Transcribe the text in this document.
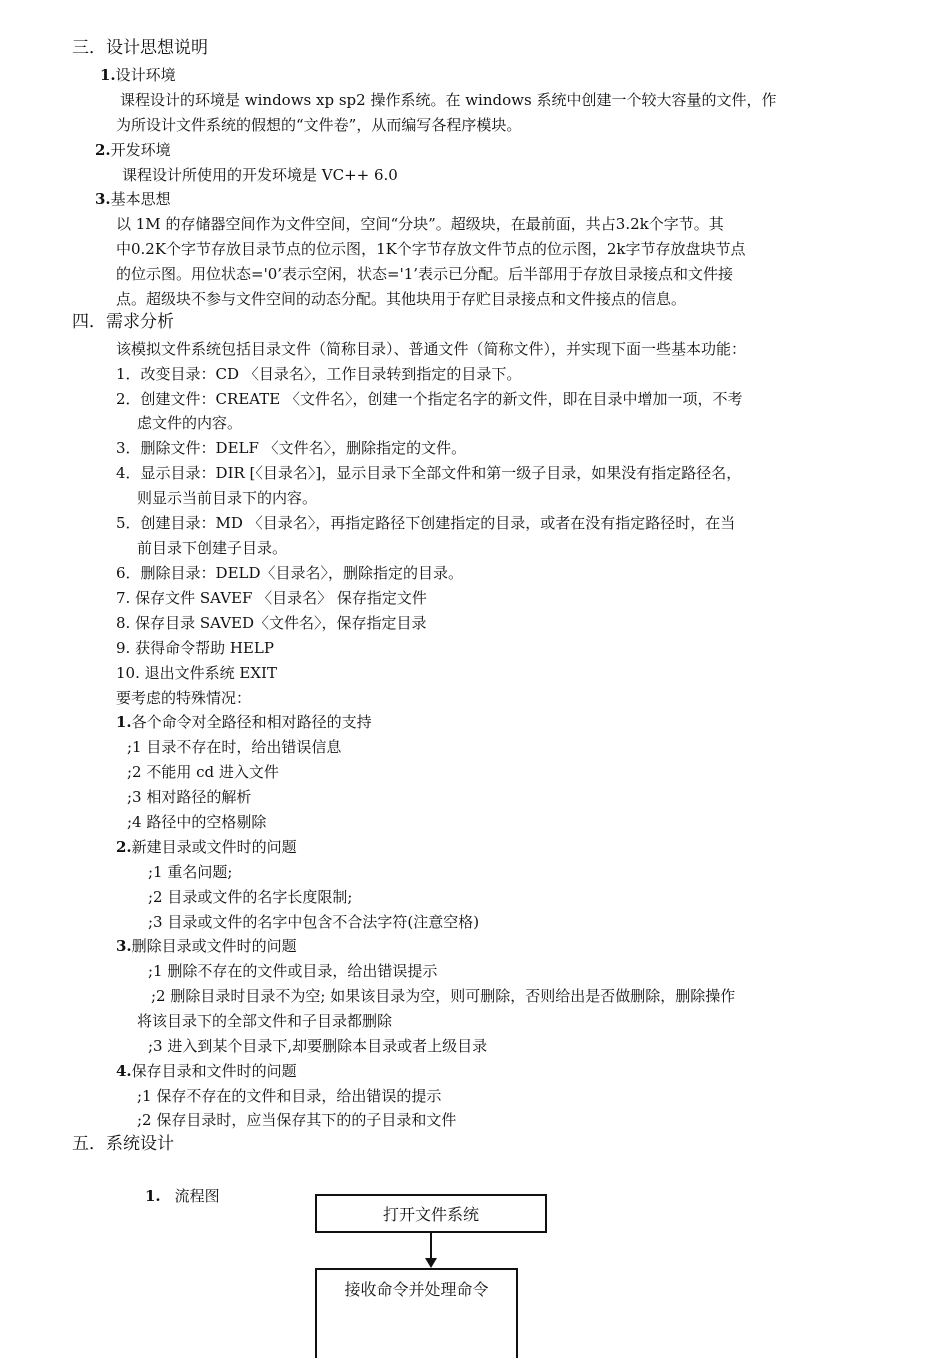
三．设计思想说明
1.设计环境
课程设计的环境是 windows xp sp2 操作系统。在 windows 系统中创建一个较大容量的文件，作
为所设计文件系统的假想的“文件卷”，从而编写各程序模块。
2.开发环境
课程设计所使用的开发环境是 VC++ 6.0
3.基本思想
以 1M 的存储器空间作为文件空间，空间“分块”。超级块，在最前面，共占3.2k个字节。其
中0.2K个字节存放目录节点的位示图，1K个字节存放文件节点的位示图，2k字节存放盘块节点
的位示图。用位状态='0’表示空闲，状态='1’表示已分配。后半部用于存放目录接点和文件接
点。超级块不参与文件空间的动态分配。其他块用于存贮目录接点和文件接点的信息。
四．需求分析
该模拟文件系统包括目录文件（简称目录）、普通文件（简称文件），并实现下面一些基本功能：
1．改变目录：CD 〈目录名〉，工作目录转到指定的目录下。
2．创建文件：CREATE 〈文件名〉，创建一个指定名字的新文件，即在目录中增加一项，不考
虑文件的内容。
3．删除文件：DELF 〈文件名〉，删除指定的文件。
4．显示目录：DIR [〈目录名〉]，显示目录下全部文件和第一级子目录，如果没有指定路径名，
则显示当前目录下的内容。
5．创建目录：MD 〈目录名〉，再指定路径下创建指定的目录，或者在没有指定路径时，在当
前目录下创建子目录。
6．删除目录：DELD〈目录名〉，删除指定的目录。
7. 保存文件 SAVEF 〈目录名〉 保存指定文件
8. 保存目录 SAVED〈文件名〉，保存指定目录
9. 获得命令帮助 HELP
10. 退出文件系统 EXIT
要考虑的特殊情况：
1.各个命令对全路径和相对路径的支持
;1 目录不存在时，给出错误信息
;2 不能用 cd 进入文件
;3 相对路径的解析
;4 路径中的空格剔除
2.新建目录或文件时的问题
;1 重名问题;
;2 目录或文件的名字长度限制;
;3 目录或文件的名字中包含不合法字符(注意空格)
3.删除目录或文件时的问题
;1 删除不存在的文件或目录，给出错误提示
;2 删除目录时目录不为空; 如果该目录为空，则可删除，否则给出是否做删除，删除操作
将该目录下的全部文件和子目录都删除
;3 进入到某个目录下,却要删除本目录或者上级目录
4.保存目录和文件时的问题
;1 保存不存在的文件和目录，给出错误的提示
;2 保存目录时，应当保存其下的的子目录和文件
五．系统设计
1. 流程图
打开文件系统
接收命令并处理命令
